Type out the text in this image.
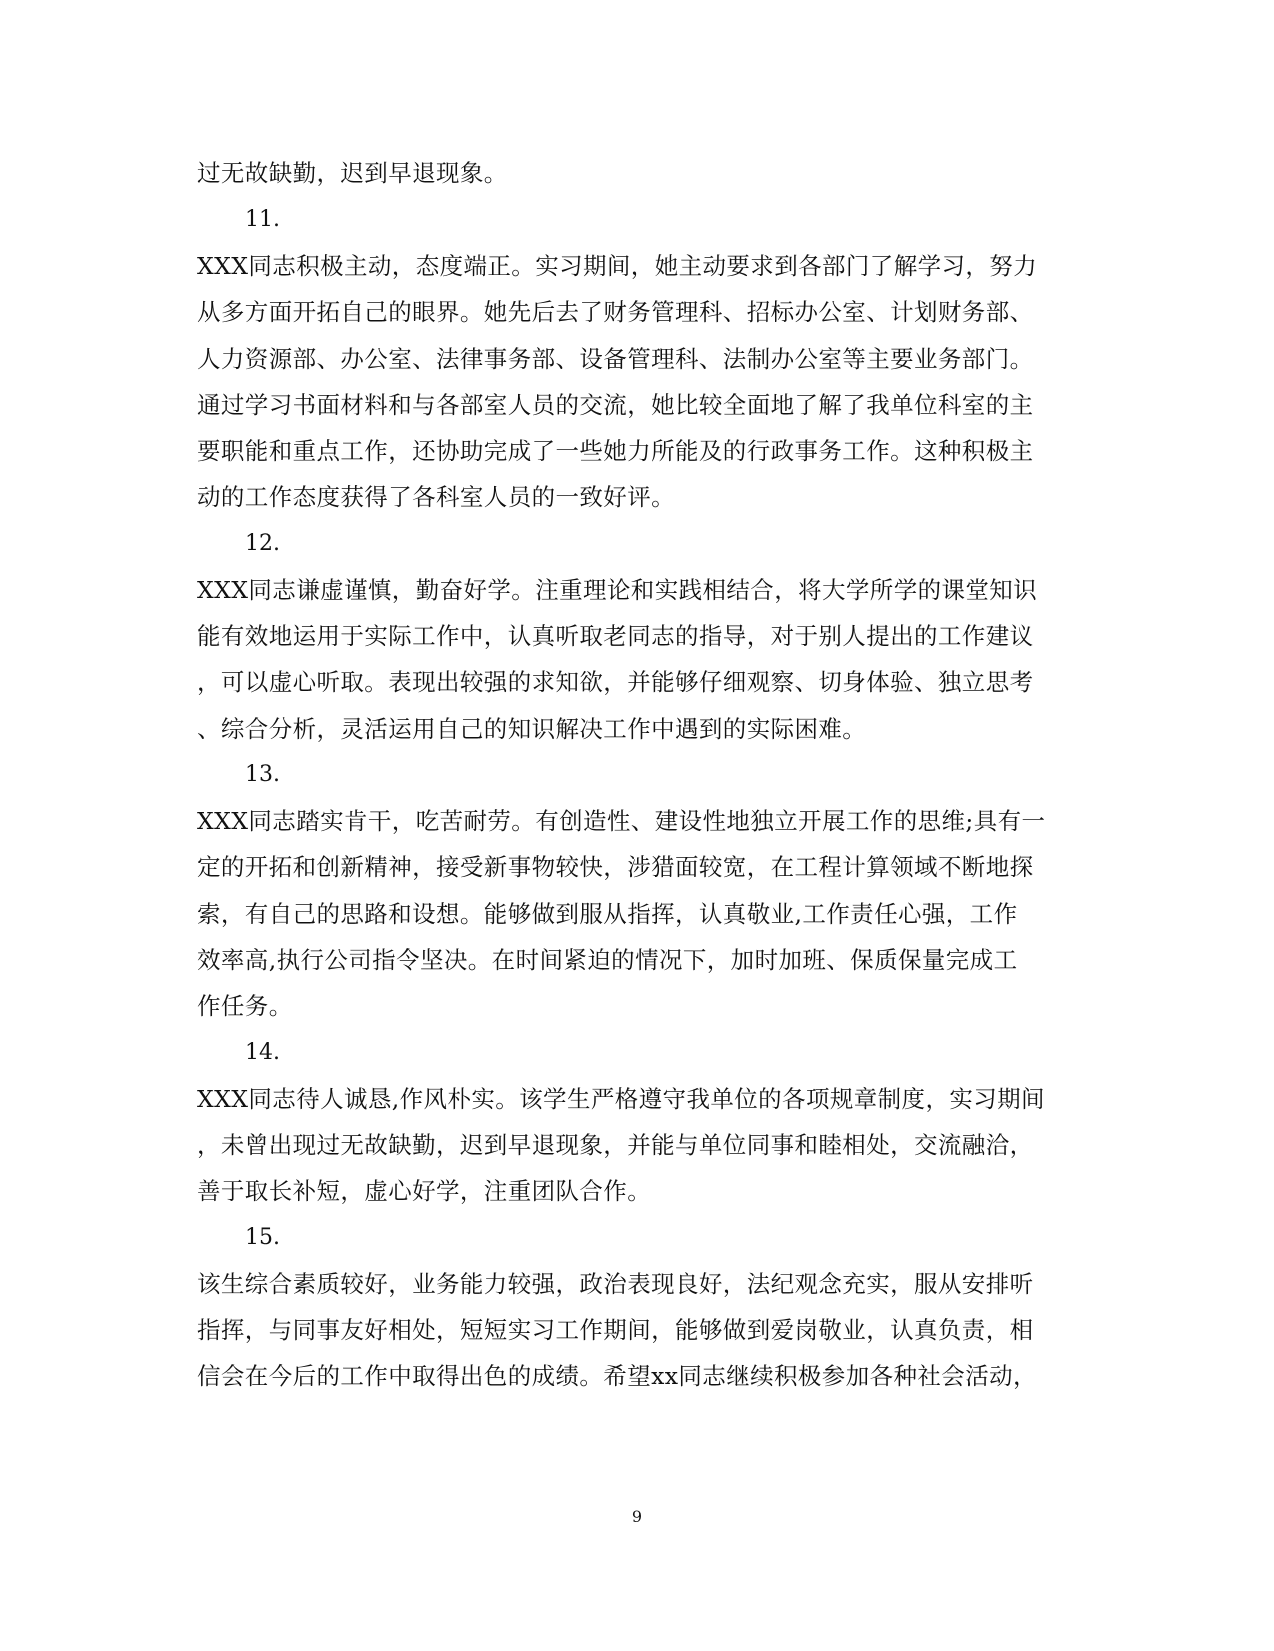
过无故缺勤，迟到早退现象。
11.
XXX同志积极主动，态度端正。实习期间，她主动要求到各部门了解学习，努力
从多方面开拓自己的眼界。她先后去了财务管理科、招标办公室、计划财务部、
人力资源部、办公室、法律事务部、设备管理科、法制办公室等主要业务部门。
通过学习书面材料和与各部室人员的交流，她比较全面地了解了我单位科室的主
要职能和重点工作，还协助完成了一些她力所能及的行政事务工作。这种积极主
动的工作态度获得了各科室人员的一致好评。
12.
XXX同志谦虚谨慎，勤奋好学。注重理论和实践相结合，将大学所学的课堂知识
能有效地运用于实际工作中，认真听取老同志的指导，对于别人提出的工作建议
，可以虚心听取。表现出较强的求知欲，并能够仔细观察、切身体验、独立思考
、综合分析，灵活运用自己的知识解决工作中遇到的实际困难。
13.
XXX同志踏实肯干，吃苦耐劳。有创造性、建设性地独立开展工作的思维;具有一
定的开拓和创新精神，接受新事物较快，涉猎面较宽，在工程计算领域不断地探
索，有自己的思路和设想。能够做到服从指挥，认真敬业,工作责任心强，工作
效率高,执行公司指令坚决。在时间紧迫的情况下，加时加班、保质保量完成工
作任务。
14.
XXX同志待人诚恳,作风朴实。该学生严格遵守我单位的各项规章制度，实习期间
，未曾出现过无故缺勤，迟到早退现象，并能与单位同事和睦相处，交流融洽，
善于取长补短，虚心好学，注重团队合作。
15.
该生综合素质较好，业务能力较强，政治表现良好，法纪观念充实，服从安排听
指挥，与同事友好相处，短短实习工作期间，能够做到爱岗敬业，认真负责，相
信会在今后的工作中取得出色的成绩。希望xx同志继续积极参加各种社会活动，
9
